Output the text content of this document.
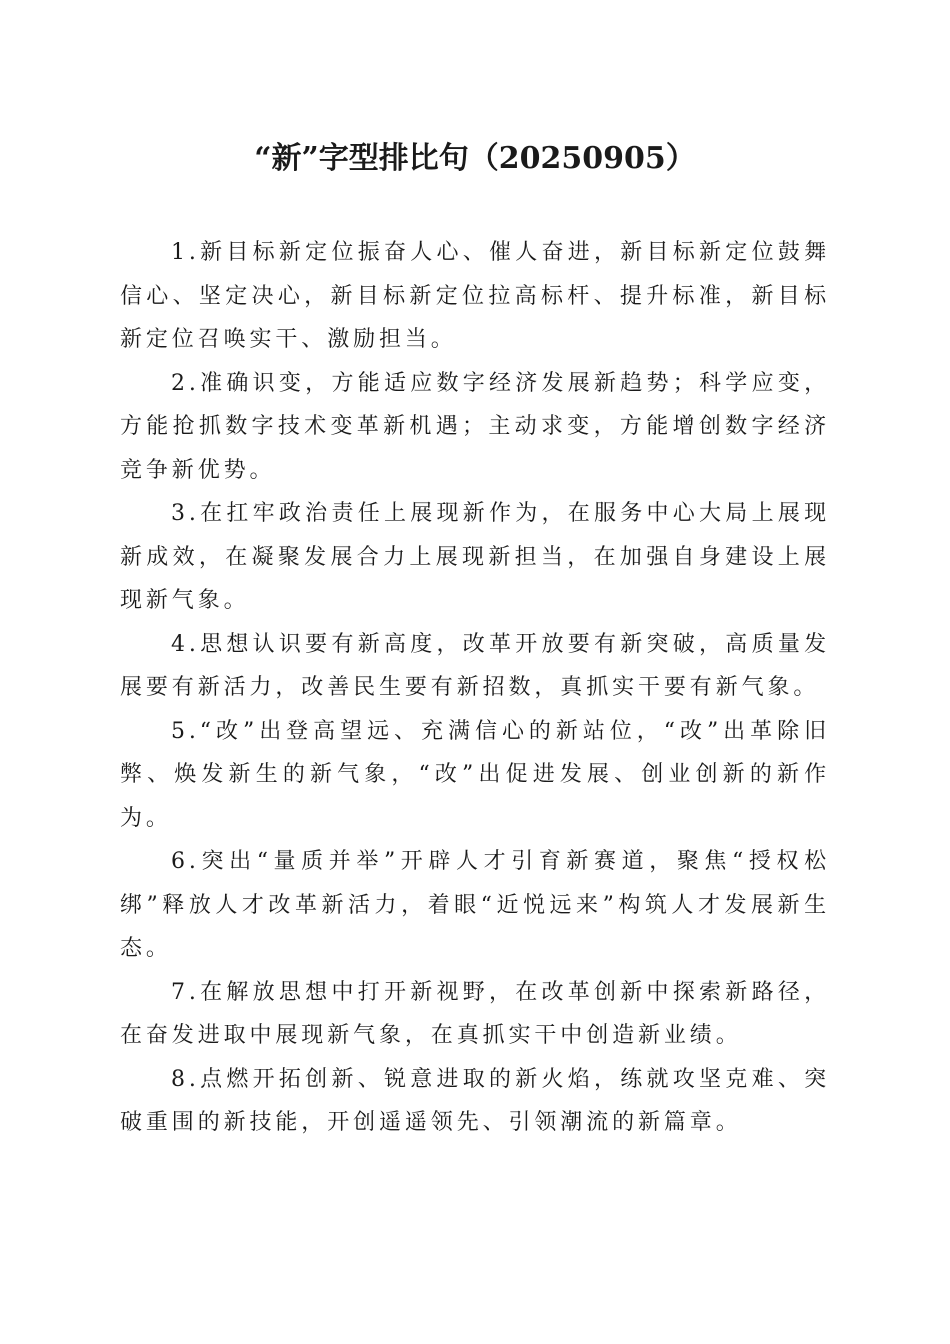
“新”字型排比句（20250905）

1.新目标新定位振奋人心、催人奋进，新目标新定位鼓舞信心、坚定决心，新目标新定位拉高标杆、提升标准，新目标新定位召唤实干、激励担当。

2.准确识变，方能适应数字经济发展新趋势；科学应变，方能抢抓数字技术变革新机遇；主动求变，方能增创数字经济竞争新优势。

3.在扛牢政治责任上展现新作为，在服务中心大局上展现新成效，在凝聚发展合力上展现新担当，在加强自身建设上展现新气象。

4.思想认识要有新高度，改革开放要有新突破，高质量发展要有新活力，改善民生要有新招数，真抓实干要有新气象。

5.“改”出登高望远、充满信心的新站位，“改”出革除旧弊、焕发新生的新气象，“改”出促进发展、创业创新的新作为。

6.突出“量质并举”开辟人才引育新赛道，聚焦“授权松绑”释放人才改革新活力，着眼“近悦远来”构筑人才发展新生态。

7.在解放思想中打开新视野，在改革创新中探索新路径，在奋发进取中展现新气象，在真抓实干中创造新业绩。

8.点燃开拓创新、锐意进取的新火焰，练就攻坚克难、突破重围的新技能，开创遥遥领先、引领潮流的新篇章。
